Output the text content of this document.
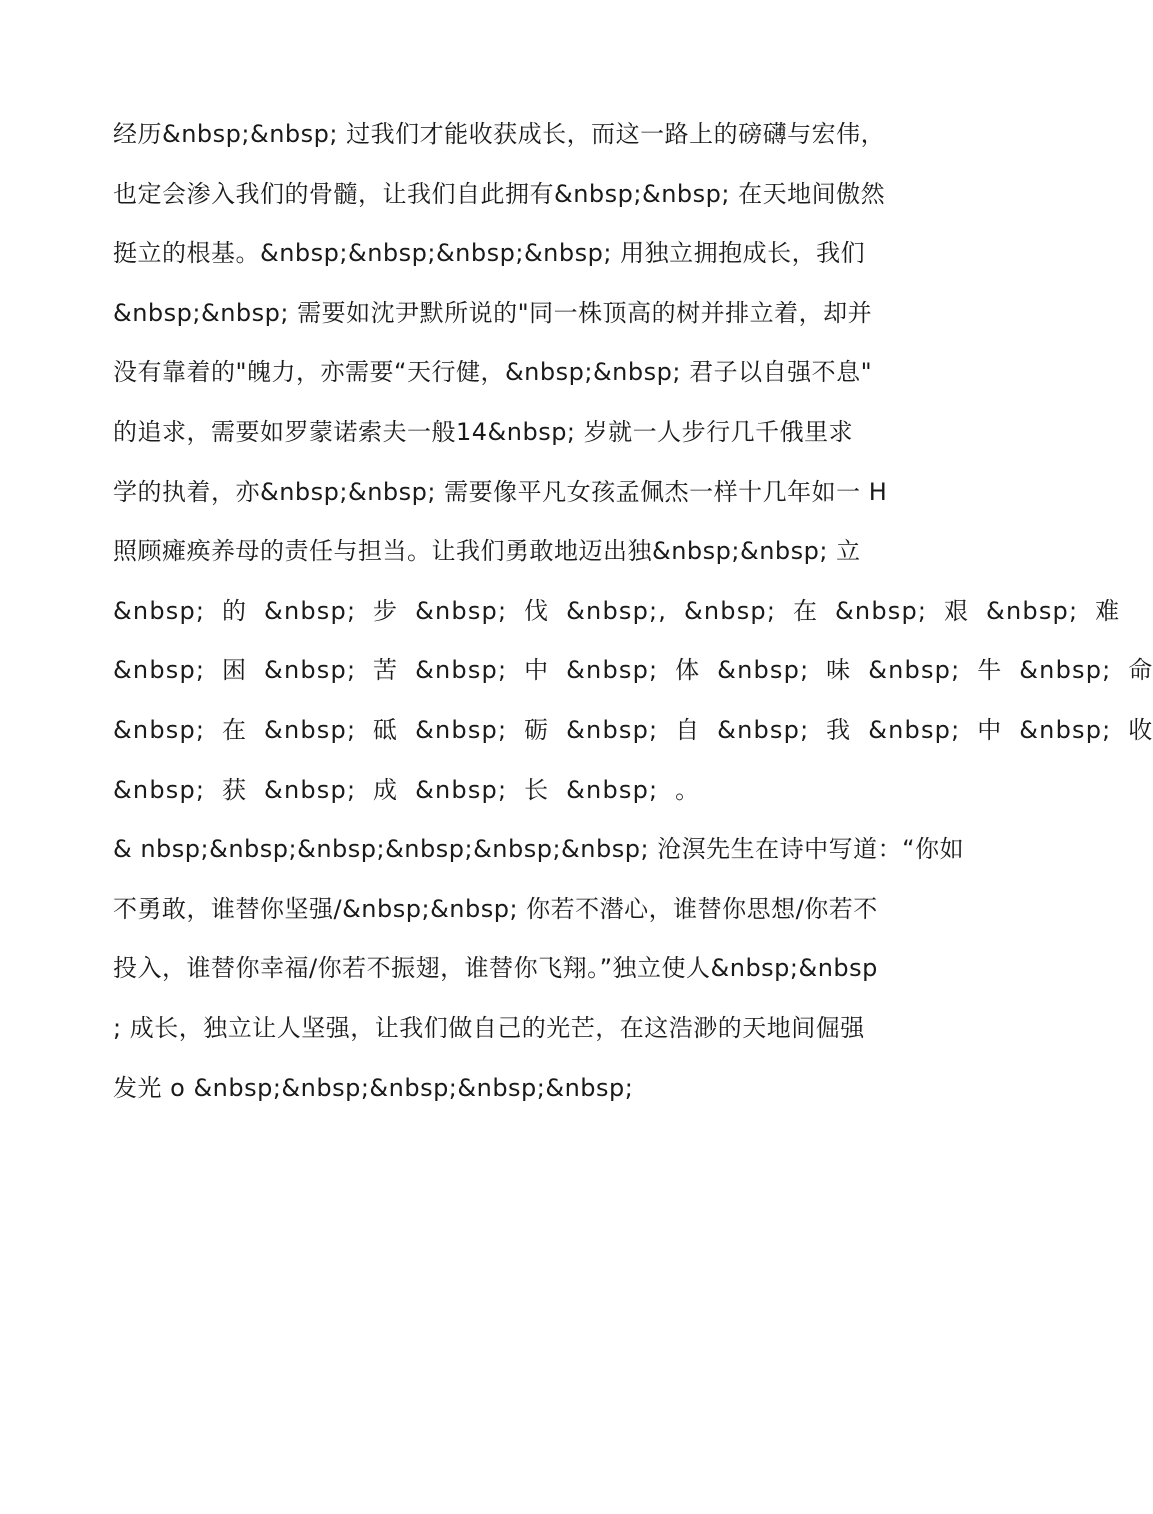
经历&nbsp;&nbsp; 过我们才能收获成长，而这一路上的磅礴与宏伟，
也定会渗入我们的骨髓，让我们自此拥有&nbsp;&nbsp; 在天地间傲然
挺立的根基。&nbsp;&nbsp;&nbsp;&nbsp; 用独立拥抱成长，我们
&nbsp;&nbsp; 需要如沈尹默所说的"同一株顶高的树并排立着，却并
没有靠着的"魄力，亦需要“天行健，&nbsp;&nbsp; 君子以自强不息"
的追求，需要如罗蒙诺索夫一般14&nbsp; 岁就一人步行几千俄里求
学的执着，亦&nbsp;&nbsp; 需要像平凡女孩孟佩杰一样十几年如一 H
照顾瘫痪养母的责任与担当。让我们勇敢地迈出独&nbsp;&nbsp; 立
&nbsp; 的 &nbsp; 步 &nbsp; 伐 &nbsp;, &nbsp; 在 &nbsp; 艰 &nbsp; 难
&nbsp; 困 &nbsp; 苦 &nbsp; 中 &nbsp; 体 &nbsp; 味 &nbsp; 牛 &nbsp; 命
&nbsp; 在 &nbsp; 砥 &nbsp; 砺 &nbsp; 自 &nbsp; 我 &nbsp; 中 &nbsp; 收
&nbsp; 获 &nbsp; 成 &nbsp; 长 &nbsp; 。
& nbsp;&nbsp;&nbsp;&nbsp;&nbsp;&nbsp; 沧溟先生在诗中写道：“你如
不勇敢，谁替你坚强/&nbsp;&nbsp; 你若不潜心，谁替你思想/你若不
投入，谁替你幸福/你若不振翅，谁替你飞翔。”独立使人&nbsp;&nbsp
; 成长，独立让人坚强，让我们做自己的光芒，在这浩渺的天地间倔强
发光 o &nbsp;&nbsp;&nbsp;&nbsp;&nbsp;
